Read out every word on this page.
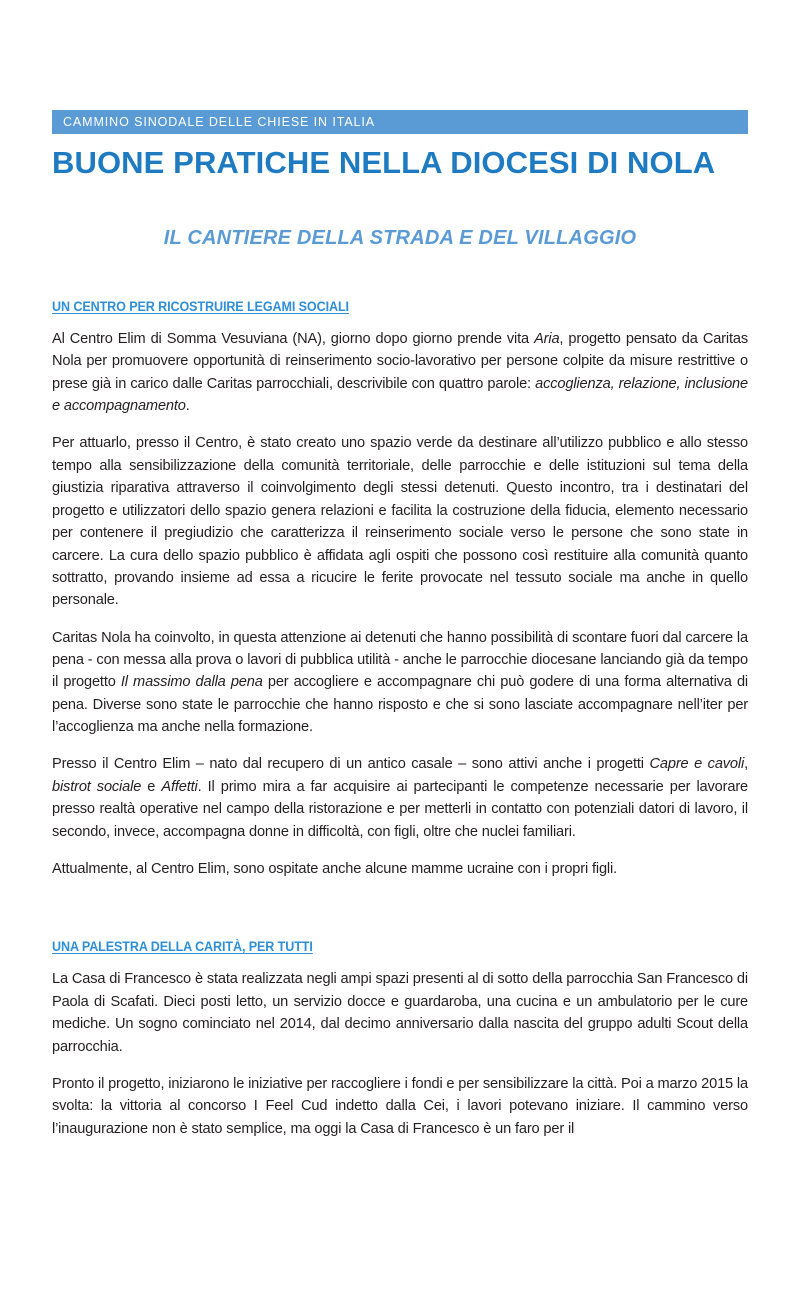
CAMMINO SINODALE DELLE CHIESE IN ITALIA
BUONE PRATICHE NELLA DIOCESI DI NOLA
IL CANTIERE DELLA STRADA E DEL VILLAGGIO
UN CENTRO PER RICOSTRUIRE LEGAMI SOCIALI

Al Centro Elim di Somma Vesuviana (NA), giorno dopo giorno prende vita Aria, progetto pensato da Caritas Nola per promuovere opportunità di reinserimento socio-lavorativo per persone colpite da misure restrittive o prese già in carico dalle Caritas parrocchiali, descrivibile con quattro parole: accoglienza, relazione, inclusione e accompagnamento.

Per attuarlo, presso il Centro, è stato creato uno spazio verde da destinare all’utilizzo pubblico e allo stesso tempo alla sensibilizzazione della comunità territoriale, delle parrocchie e delle istituzioni sul tema della giustizia riparativa attraverso il coinvolgimento degli stessi detenuti. Questo incontro, tra i destinatari del progetto e utilizzatori dello spazio genera relazioni e facilita la costruzione della fiducia, elemento necessario per contenere il pregiudizio che caratterizza il reinserimento sociale verso le persone che sono state in carcere. La cura dello spazio pubblico è affidata agli ospiti che possono così restituire alla comunità quanto sottratto, provando insieme ad essa a ricucire le ferite provocate nel tessuto sociale ma anche in quello personale.

Caritas Nola ha coinvolto, in questa attenzione ai detenuti che hanno possibilità di scontare fuori dal carcere la pena - con messa alla prova o lavori di pubblica utilità - anche le parrocchie diocesane lanciando già da tempo il progetto Il massimo dalla pena per accogliere e accompagnare chi può godere di una forma alternativa di pena. Diverse sono state le parrocchie che hanno risposto e che si sono lasciate accompagnare nell’iter per l’accoglienza ma anche nella formazione.

Presso il Centro Elim – nato dal recupero di un antico casale – sono attivi anche i progetti Capre e cavoli, bistrot sociale e Affetti. Il primo mira a far acquisire ai partecipanti le competenze necessarie per lavorare presso realtà operative nel campo della ristorazione e per metterli in contatto con potenziali datori di lavoro, il secondo, invece, accompagna donne in difficoltà, con figli, oltre che nuclei familiari.

Attualmente, al Centro Elim, sono ospitate anche alcune mamme ucraine con i propri figli.

UNA PALESTRA DELLA CARITÀ, PER TUTTI

La Casa di Francesco è stata realizzata negli ampi spazi presenti al di sotto della parrocchia San Francesco di Paola di Scafati. Dieci posti letto, un servizio docce e guardaroba, una cucina e un ambulatorio per le cure mediche. Un sogno cominciato nel 2014, dal decimo anniversario dalla nascita del gruppo adulti Scout della parrocchia.

Pronto il progetto, iniziarono le iniziative per raccogliere i fondi e per sensibilizzare la città. Poi a marzo 2015 la svolta: la vittoria al concorso I Feel Cud indetto dalla Cei, i lavori potevano iniziare. Il cammino verso l’inaugurazione non è stato semplice, ma oggi la Casa di Francesco è un faro per il
